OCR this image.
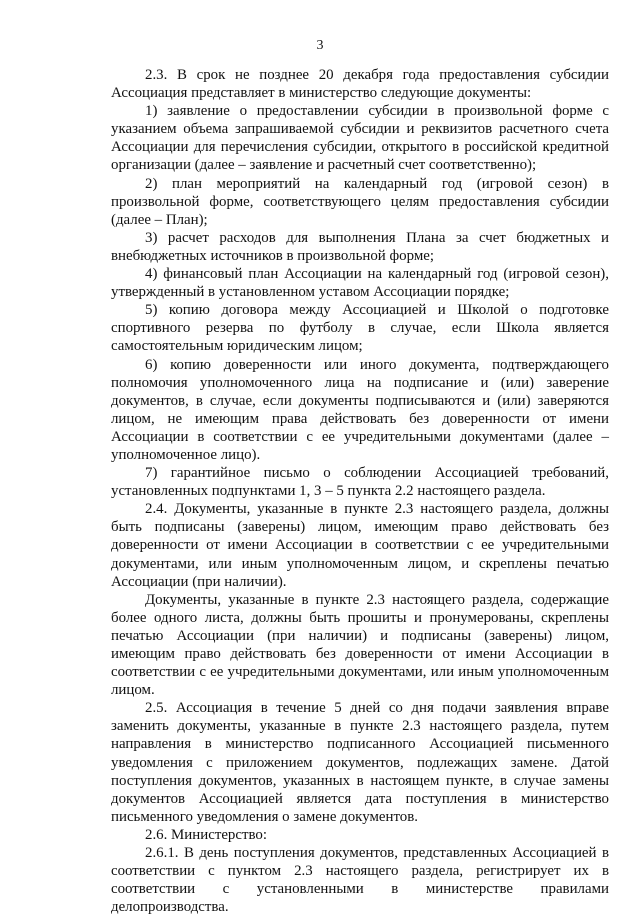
3

2.3. В срок не позднее 20 декабря года предоставления субсидии Ассоциация представляет в министерство следующие документы:

1) заявление о предоставлении субсидии в произвольной форме с указанием объема запрашиваемой субсидии и реквизитов расчетного счета Ассоциации для перечисления субсидии, открытого в российской кредитной организации (далее – заявление и расчетный счет соответственно);

2) план мероприятий на календарный год (игровой сезон) в произвольной форме, соответствующего целям предоставления субсидии (далее – План);

3) расчет расходов для выполнения Плана за счет бюджетных и внебюджетных источников в произвольной форме;

4) финансовый план Ассоциации на календарный год (игровой сезон), утвержденный в установленном уставом Ассоциации порядке;

5) копию договора между Ассоциацией и Школой о подготовке спортивного резерва по футболу в случае, если Школа является самостоятельным юридическим лицом;

6) копию доверенности или иного документа, подтверждающего полномочия уполномоченного лица на подписание и (или) заверение документов, в случае, если документы подписываются и (или) заверяются лицом, не имеющим права действовать без доверенности от имени Ассоциации в соответствии с ее учредительными документами (далее – уполномоченное лицо).

7) гарантийное письмо о соблюдении Ассоциацией требований, установленных подпунктами 1, 3 – 5 пункта 2.2 настоящего раздела.

2.4. Документы, указанные в пункте 2.3 настоящего раздела, должны быть подписаны (заверены) лицом, имеющим право действовать без доверенности от имени Ассоциации в соответствии с ее учредительными документами, или иным уполномоченным лицом, и скреплены печатью Ассоциации (при наличии).

Документы, указанные в пункте 2.3 настоящего раздела, содержащие более одного листа, должны быть прошиты и пронумерованы, скреплены печатью Ассоциации (при наличии) и подписаны (заверены) лицом, имеющим право действовать без доверенности от имени Ассоциации в соответствии с ее учредительными документами, или иным уполномоченным лицом.

2.5. Ассоциация в течение 5 дней со дня подачи заявления вправе заменить документы, указанные в пункте 2.3 настоящего раздела, путем направления в министерство подписанного Ассоциацией письменного уведомления с приложением документов, подлежащих замене. Датой поступления документов, указанных в настоящем пункте, в случае замены документов Ассоциацией является дата поступления в министерство письменного уведомления о замене документов.

2.6. Министерство:

2.6.1. В день поступления документов, представленных Ассоциацией в соответствии с пунктом 2.3 настоящего раздела, регистрирует их в соответствии с установленными в министерстве правилами делопроизводства.
